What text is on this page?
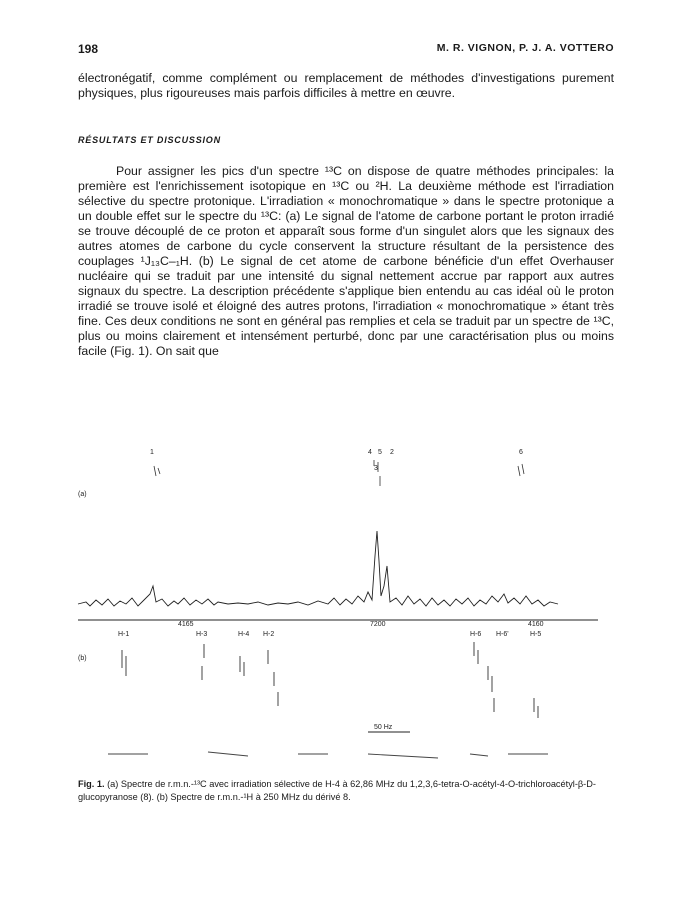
198	M. R. VIGNON, P. J. A. VOTTERO
électronégatif, comme complément ou remplacement de méthodes d'investigations purement physiques, plus rigoureuses mais parfois difficiles à mettre en œuvre.
RÉSULTATS ET DISCUSSION
Pour assigner les pics d'un spectre ¹³C on dispose de quatre méthodes principales: la première est l'enrichissement isotopique en ¹³C ou ²H. La deuxième méthode est l'irradiation sélective du spectre protonique. L'irradiation « monochromatique » dans le spectre protonique a un double effet sur le spectre du ¹³C: (a) Le signal de l'atome de carbone portant le proton irradié se trouve découplé de ce proton et apparaît sous forme d'un singulet alors que les signaux des autres atomes de carbone du cycle conservent la structure résultant de la persistence des couplages ¹J₁₃C–₁H. (b) Le signal de cet atome de carbone bénéficie d'un effet Overhauser nucléaire qui se traduit par une intensité du signal nettement accrue par rapport aux autres signaux du spectre. La description précédente s'applique bien entendu au cas idéal où le proton irradié se trouve isolé et éloigné des autres protons, l'irradiation « monochromatique » étant très fine. Ces deux conditions ne sont en général pas remplies et cela se traduit par un spectre de ¹³C, plus ou moins clairement et intensément perturbé, donc par une caractérisation plus ou moins facile (Fig. 1). On sait que
(a)
1	4 5 2
3
6
4165	7200	4160
(b)
H-1	H-3	H-4 H-2	H-6 H-6'	H-5
50 Hz
Fig. 1. (a) Spectre de r.m.n.-¹³C avec irradiation sélective de H-4 à 62,86 MHz du 1,2,3,6-tetra-O-acétyl-4-O-trichloroacétyl-β-D-glucopyranose (8). (b) Spectre de r.m.n.-¹H à 250 MHz du dérivé 8.
